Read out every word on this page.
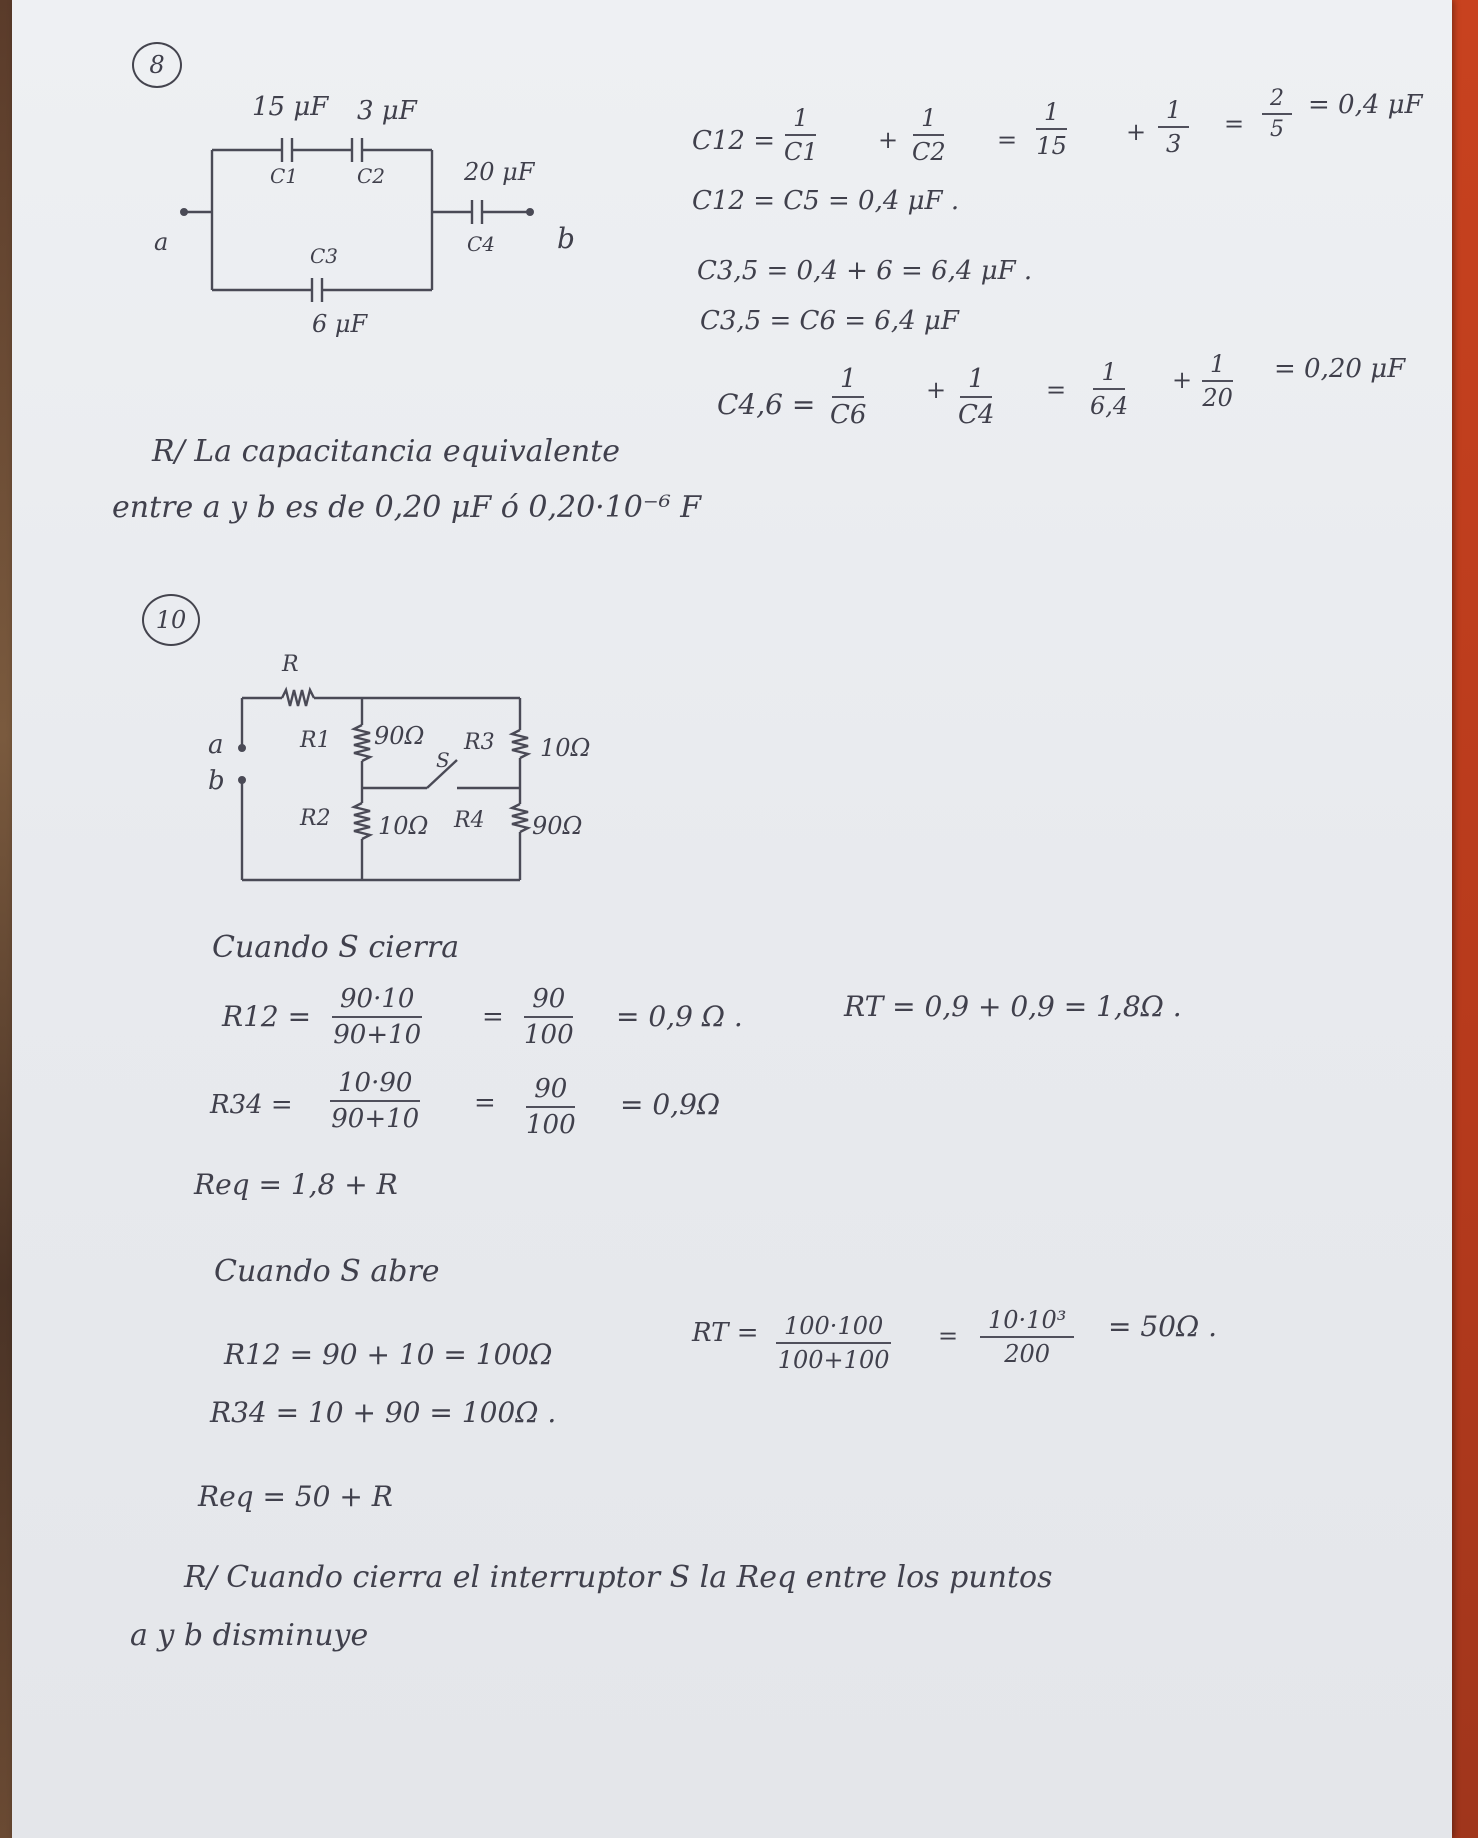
8
15 μF 3 μF
C1	C2	20 μF
C4
C3
6 μF
a	b
$C12 = \frac{1}{C1}$	+ $\frac{1}{C2} = \frac{1}{15} + \frac{1}{3} = \frac{2}{5} = 0,4$ μF
C12 = C5 = 0,4 μF .
C3,5 = 0,4 + 6 = 6,4 μF .
C3,5 = C6 = 6,4 μF
$C4,6 = \frac{1}{C6} + \frac{1}{C4} = \frac{1}{6,4} + \frac{1}{20} = 0,20$ μF
R/ La capacitancia equivalente
entre a y b es de 0,20 μF ó 0,20·10⁻⁶ F
10
R
R1 90Ω R3 10Ω
R2 10Ω R4 90Ω
S
a
b
Cuando S cierra
$R12 = \frac{90\cdot 10}{90+10} = \frac{90}{100} = 0,9$ Ω .	RT = 0,9 + 0,9 = 1,8Ω .
$R34 = \frac{10\cdot 90}{90+10} = \frac{90}{100} = 0,9\Omega$
Req = 1,8 + R
Cuando S abre
RT = $\frac{100\cdot 100}{100+100} = \frac{\text{10·10³}}{200} = 50\Omega$ .
R12 = 90 + 10 = 100Ω
R34 = 10 + 90 = 100Ω .
Req = 50 + R
R/ Cuando cierra el interruptor S la Req entre los puntos
a y b disminuye
